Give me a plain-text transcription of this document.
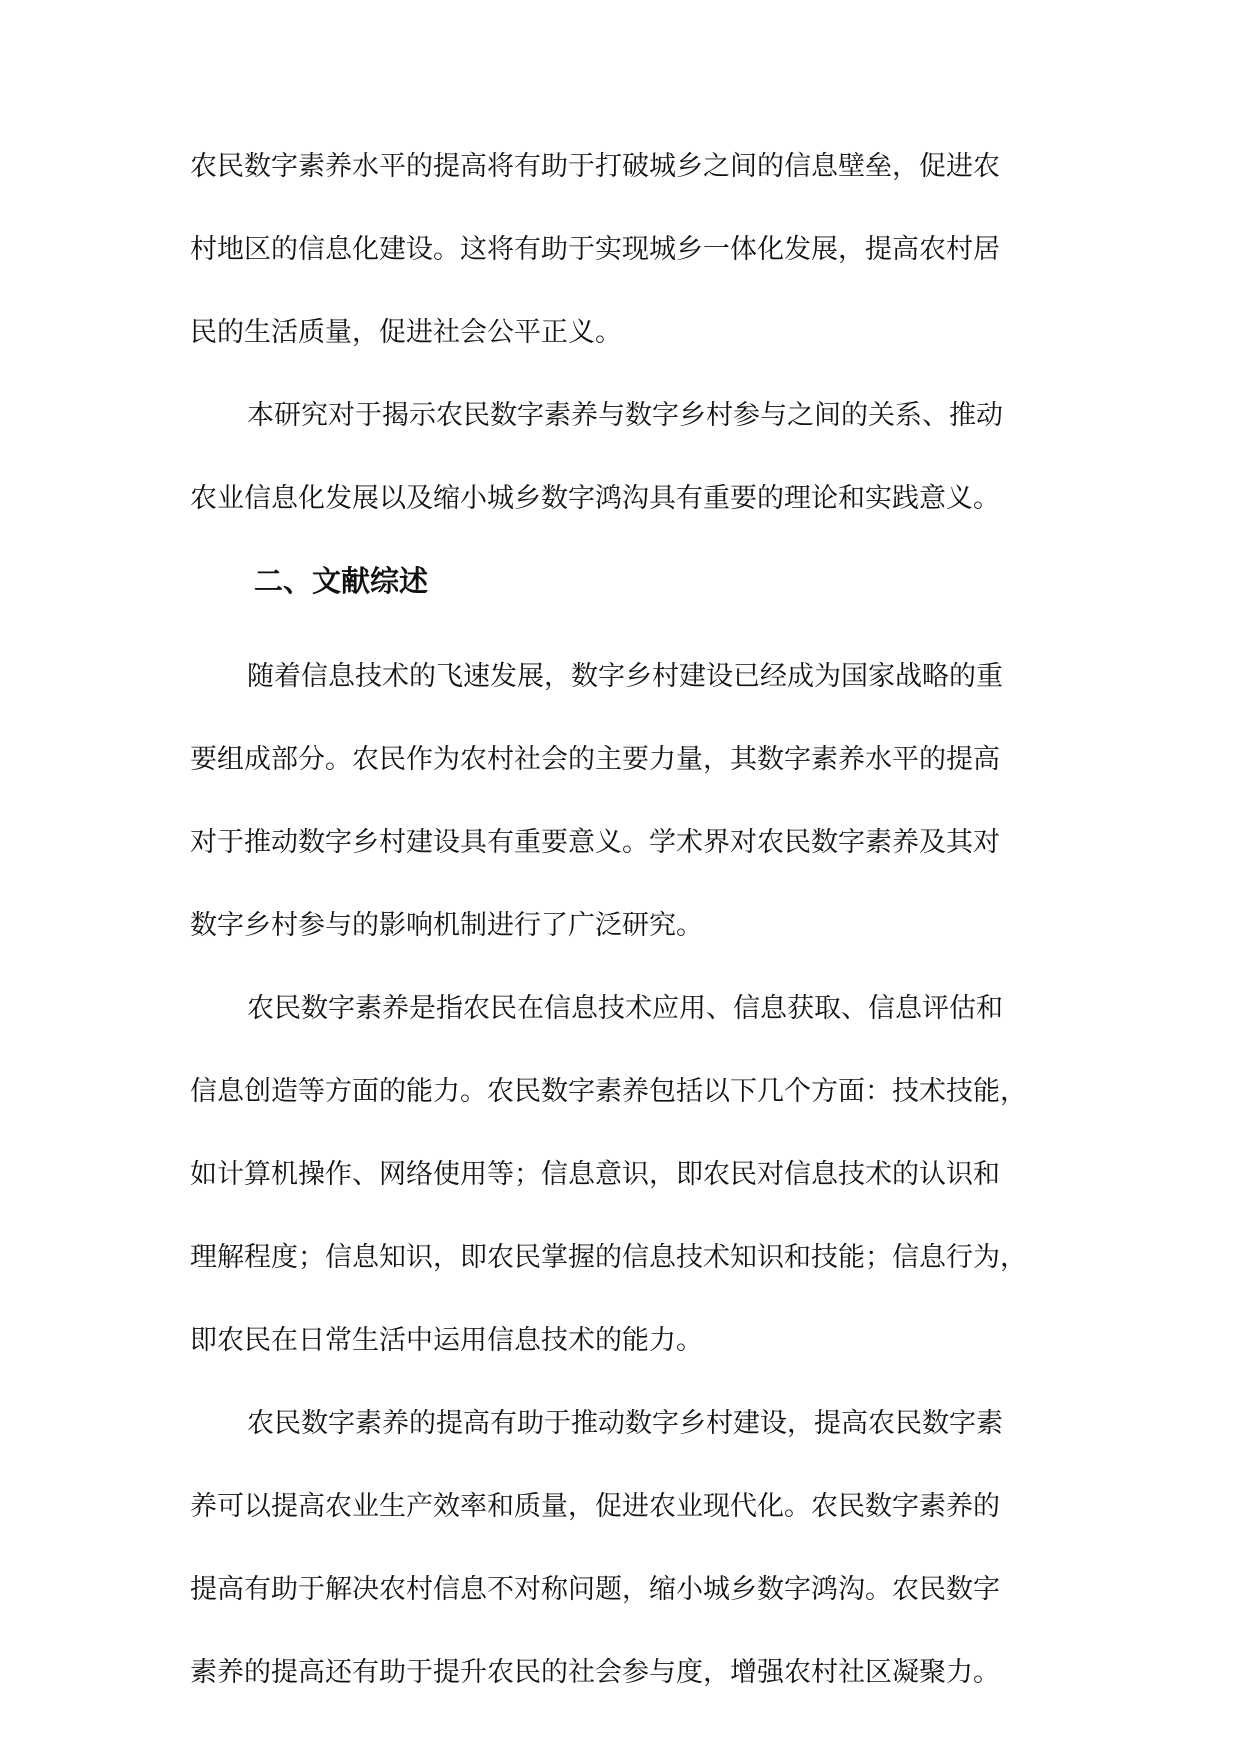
农民数字素养水平的提高将有助于打破城乡之间的信息壁垒，促进农
村地区的信息化建设。这将有助于实现城乡一体化发展，提高农村居
民的生活质量，促进社会公平正义。
本研究对于揭示农民数字素养与数字乡村参与之间的关系、推动
农业信息化发展以及缩小城乡数字鸿沟具有重要的理论和实践意义。
二、文献综述
随着信息技术的飞速发展，数字乡村建设已经成为国家战略的重
要组成部分。农民作为农村社会的主要力量，其数字素养水平的提高
对于推动数字乡村建设具有重要意义。学术界对农民数字素养及其对
数字乡村参与的影响机制进行了广泛研究。
农民数字素养是指农民在信息技术应用、信息获取、信息评估和
信息创造等方面的能力。农民数字素养包括以下几个方面：技术技能，
如计算机操作、网络使用等；信息意识，即农民对信息技术的认识和
理解程度；信息知识，即农民掌握的信息技术知识和技能；信息行为，
即农民在日常生活中运用信息技术的能力。
农民数字素养的提高有助于推动数字乡村建设，提高农民数字素
养可以提高农业生产效率和质量，促进农业现代化。农民数字素养的
提高有助于解决农村信息不对称问题，缩小城乡数字鸿沟。农民数字
素养的提高还有助于提升农民的社会参与度，增强农村社区凝聚力。
